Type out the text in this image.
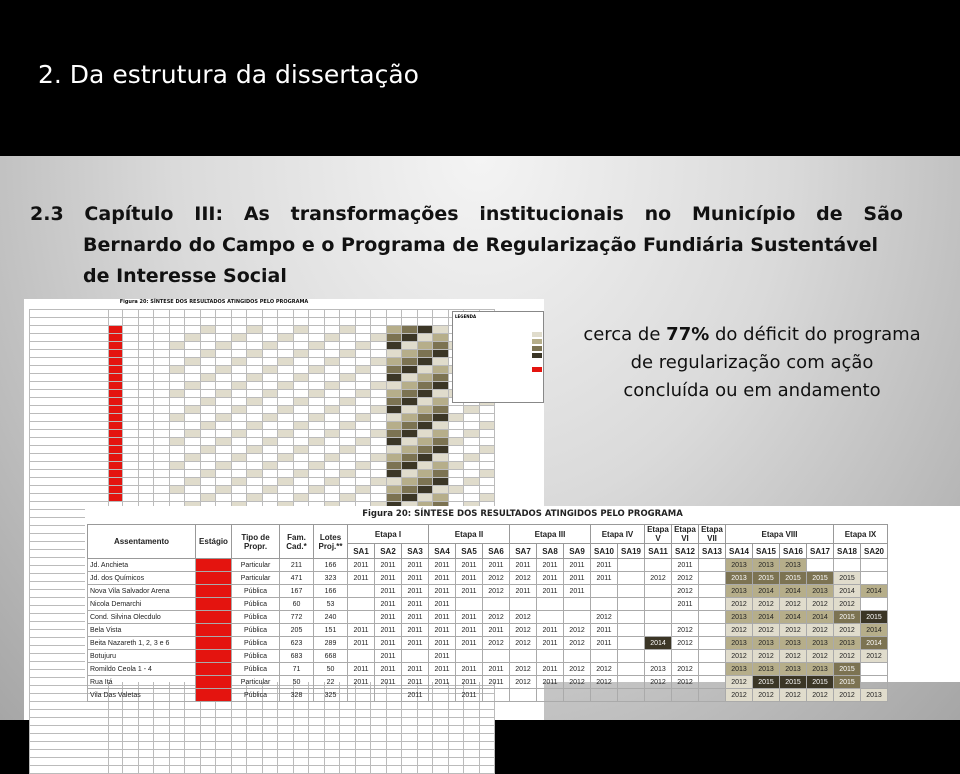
2. Da estrutura da dissertação
2.3 Capítulo III: As transformações institucionais no Município de São
Bernardo do Campo e o Programa de Regularização Fundiária Sustentável
de Interesse Social
Figura 20: SÍNTESE DOS RESULTADOS ATINGIDOS PELO PROGRAMA

LEGENDA
cerca de 77% do déficit do programa
de regularização com ação
concluída ou em andamento
Figura 20: SÍNTESE DOS RESULTADOS ATINGIDOS PELO PROGRAMA
Assentamento	Estágio	Tipo de Propr.	Fam. Cad.*	Lotes Proj.**	Etapa I			Etapa II			Etapa III			Etapa IV		Etapa V	Etapa VI	Etapa VII	Etapa VIII				Etapa IX	
					SA1	SA2	SA3	SA4	SA5	SA6	SA7	SA8	SA9	SA10	SA19	SA11	SA12	SA13	SA14	SA15	SA16	SA17	SA18	SA20
Jd. Anchieta		Particular	211	166	2011	2011	2011	2011	2011	2011	2011	2011	2011	2011			2011		2013	2013	2013			
Jd. dos Químicos		Particular	471	323	2011	2011	2011	2011	2011	2012	2012	2011	2011	2011		2012	2012		2013	2015	2015	2015	2015	
Nova Vila Salvador Arena		Pública	167	166		2011	2011	2011	2011	2012	2011	2011	2011				2012		2013	2014	2014	2013	2014	2014
Nicola Demarchi		Pública	60	53		2011	2011	2011									2011		2012	2012	2012	2012	2012	
Cond. Silvina Olecdulo		Pública	772	240		2011	2011	2011	2011	2012	2012			2012					2013	2014	2014	2014	2015	2015
Bela Vista		Pública	205	151	2011	2011	2011	2011	2011	2011	2012	2011	2012	2011			2012		2012	2012	2012	2012	2012	2014
Beita Nazareth 1, 2, 3 e 6		Pública	623	289	2011	2011	2011	2011	2011	2012	2012	2011	2012	2011		2014	2012		2013	2013	2013	2013	2013	2014
Botujuru		Pública	683	668		2011		2011											2012	2012	2012	2012	2012	2012
Romildo Ceola 1 - 4		Pública	71	50	2011	2011	2011	2011	2011	2011	2012	2011	2012	2012		2013	2012		2013	2013	2013	2013	2015	
Rua Itá		Particular	50	22	2011	2011	2011	2011	2011	2011	2012	2011	2012	2012		2012	2012		2012	2015	2015	2015	2015	
Vila Das Valetas		Pública	328	325			2011		2011										2012	2012	2012	2012	2012	2013
